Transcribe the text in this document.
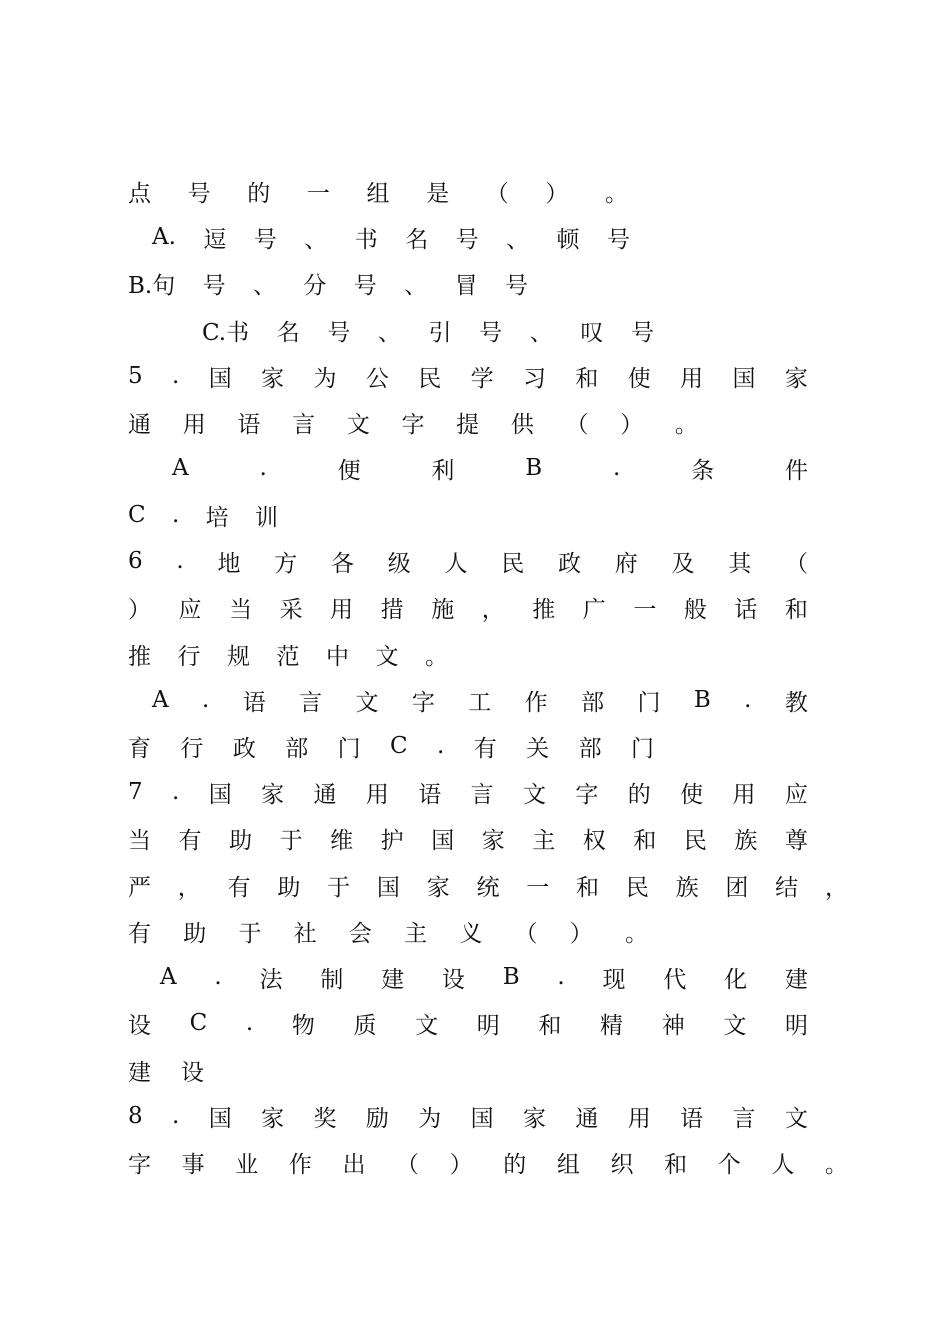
点 号 的 一 组 是 （ ） 。
A. 逗 号 、 书 名 号 、 顿 号
B.句 号 、 分 号 、 冒 号
C.书 名 号 、 引 号 、 叹 号
5 . 国 家 为 公 民 学 习 和 使 用 国 家
通 用 语 言 文 字 提 供 （ ） 。
A	.	便	利	B	.	条	件
C . 培 训
6 . 地 方 各 级 人 民 政 府 及 其 （
） 应 当 采 用 措 施 ， 推 广 一 般 话 和
推 行 规 范 中 文 。
A . 语 言 文 字 工 作 部 门 B . 教
育 行 政 部 门 C . 有 关 部 门
7 . 国 家 通 用 语 言 文 字 的 使 用 应
当 有 助 于 维 护 国 家 主 权 和 民 族 尊
严 ， 有 助 于 国 家 统 一 和 民 族 团 结 ，
有 助 于 社 会 主 义 （ ） 。
A . 法 制 建 设 B . 现 代 化 建
设 C . 物 质 文 明 和 精 神 文 明
建 设
8 . 国 家 奖 励 为 国 家 通 用 语 言 文
字 事 业 作 出 （ ） 的 组 织 和 个 人 。
